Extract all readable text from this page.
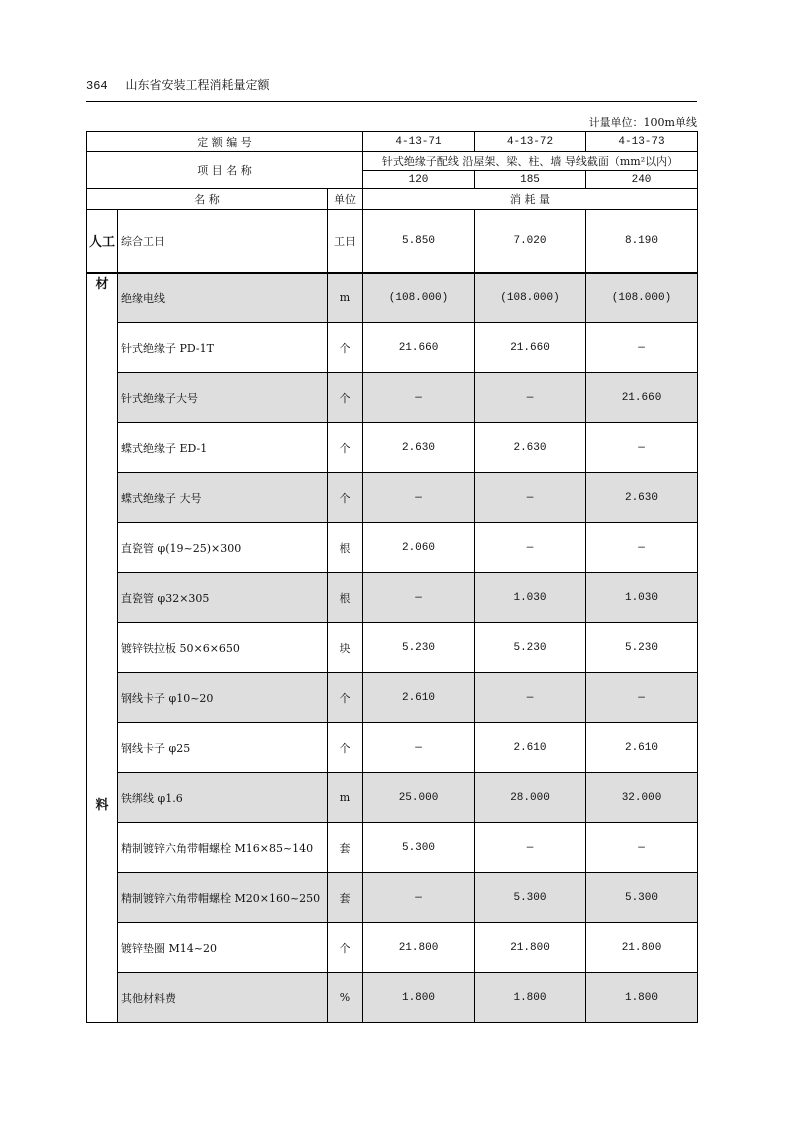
364 山东省安装工程消耗量定额
计量单位：100m单线
定 额 编 号			4-13-71	4-13-72	4-13-73
项 目 名 称			针式绝缘子配线 沿屋架、梁、柱、墙 导线截面（mm²以内）		
			120	185	240
名 称		单位	消 耗 量		
人工	综合工日	工日	5.850	7.020	8.190

材
料	绝缘电线	m	(108.000)	(108.000)	(108.000)
	针式绝缘子 PD-1T	个	21.660	21.660	—
	针式绝缘子大号	个	—	—	21.660
	蝶式绝缘子 ED-1	个	2.630	2.630	—
	蝶式绝缘子 大号	个	—	—	2.630
	直瓷管 φ(19~25)×300	根	2.060	—	—
	直瓷管 φ32×305	根	—	1.030	1.030
	镀锌铁拉板 50×6×650	块	5.230	5.230	5.230
	钢线卡子 φ10~20	个	2.610	—	—
	钢线卡子 φ25	个	—	2.610	2.610
	铁绑线 φ1.6	m	25.000	28.000	32.000
	精制镀锌六角带帽螺栓 M16×85~140	套	5.300	—	—
	精制镀锌六角带帽螺栓 M20×160~250	套	—	5.300	5.300
	镀锌垫圈 M14~20	个	21.800	21.800	21.800
	其他材料费	%	1.800	1.800	1.800
